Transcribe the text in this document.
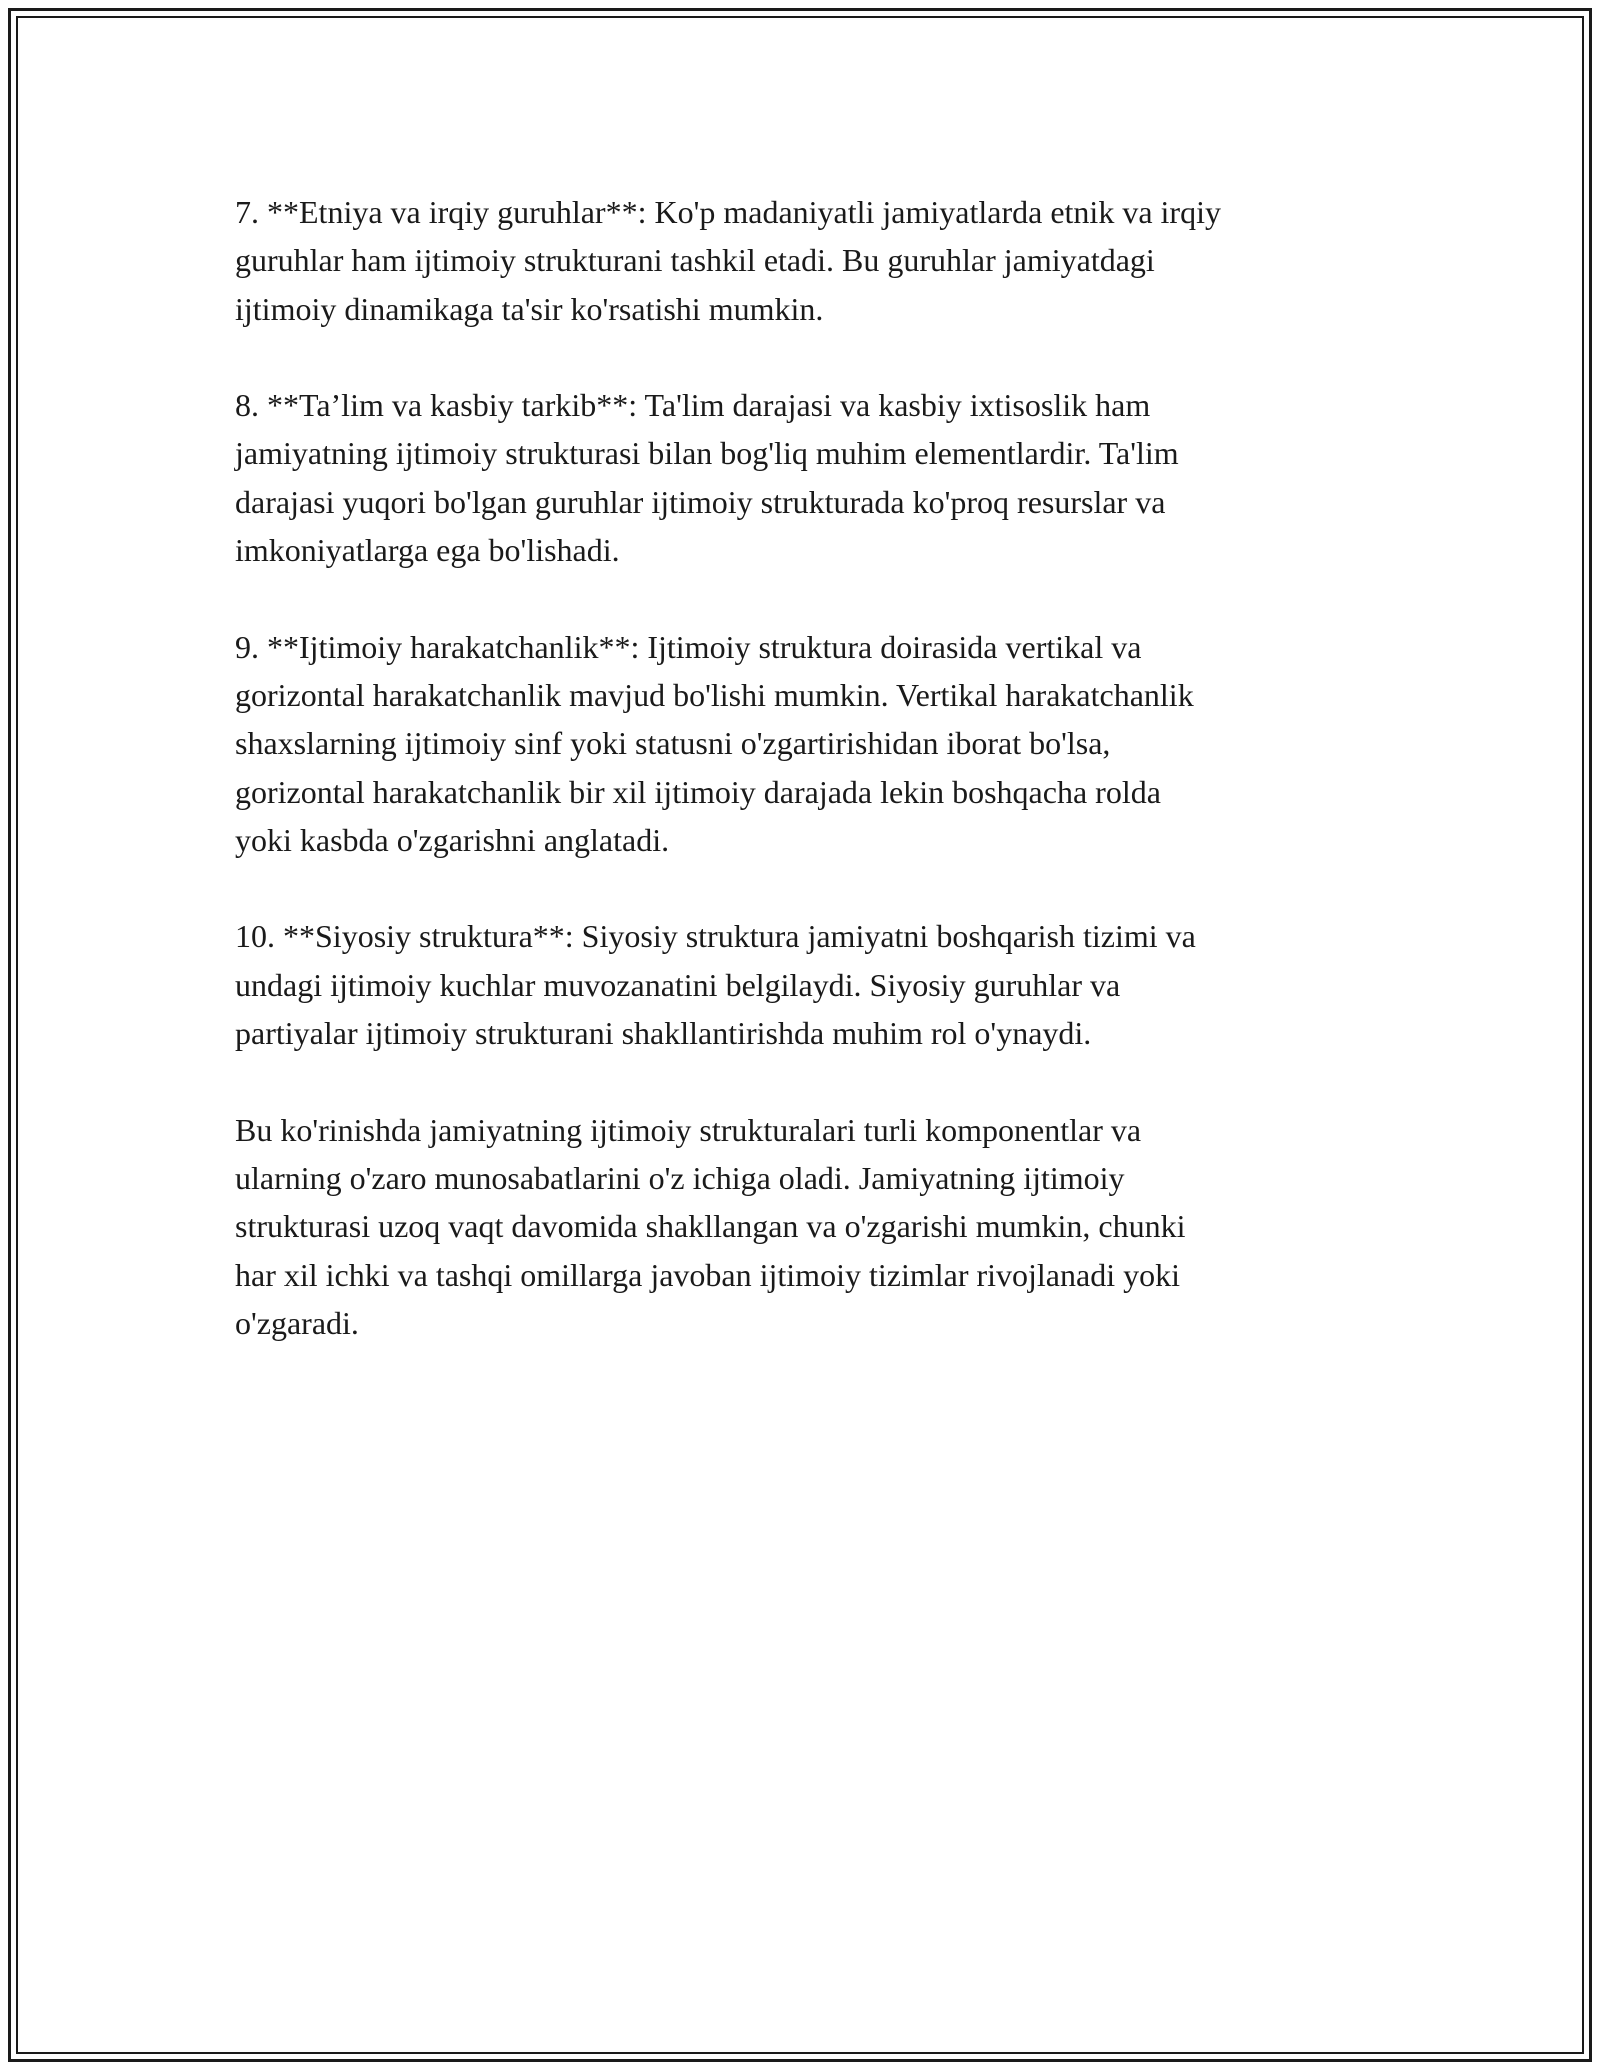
7. **Etniya va irqiy guruhlar**: Ko'p madaniyatli jamiyatlarda etnik va irqiy
guruhlar ham ijtimoiy strukturani tashkil etadi. Bu guruhlar jamiyatdagi
ijtimoiy dinamikaga ta'sir ko'rsatishi mumkin.

8. **Ta’lim va kasbiy tarkib**: Ta'lim darajasi va kasbiy ixtisoslik ham
jamiyatning ijtimoiy strukturasi bilan bog'liq muhim elementlardir. Ta'lim
darajasi yuqori bo'lgan guruhlar ijtimoiy strukturada ko'proq resurslar va
imkoniyatlarga ega bo'lishadi.

9. **Ijtimoiy harakatchanlik**: Ijtimoiy struktura doirasida vertikal va
gorizontal harakatchanlik mavjud bo'lishi mumkin. Vertikal harakatchanlik
shaxslarning ijtimoiy sinf yoki statusni o'zgartirishidan iborat bo'lsa,
gorizontal harakatchanlik bir xil ijtimoiy darajada lekin boshqacha rolda
yoki kasbda o'zgarishni anglatadi.

10. **Siyosiy struktura**: Siyosiy struktura jamiyatni boshqarish tizimi va
undagi ijtimoiy kuchlar muvozanatini belgilaydi. Siyosiy guruhlar va
partiyalar ijtimoiy strukturani shakllantirishda muhim rol o'ynaydi.

Bu ko'rinishda jamiyatning ijtimoiy strukturalari turli komponentlar va
ularning o'zaro munosabatlarini o'z ichiga oladi. Jamiyatning ijtimoiy
strukturasi uzoq vaqt davomida shakllangan va o'zgarishi mumkin, chunki
har xil ichki va tashqi omillarga javoban ijtimoiy tizimlar rivojlanadi yoki
o'zgaradi.
